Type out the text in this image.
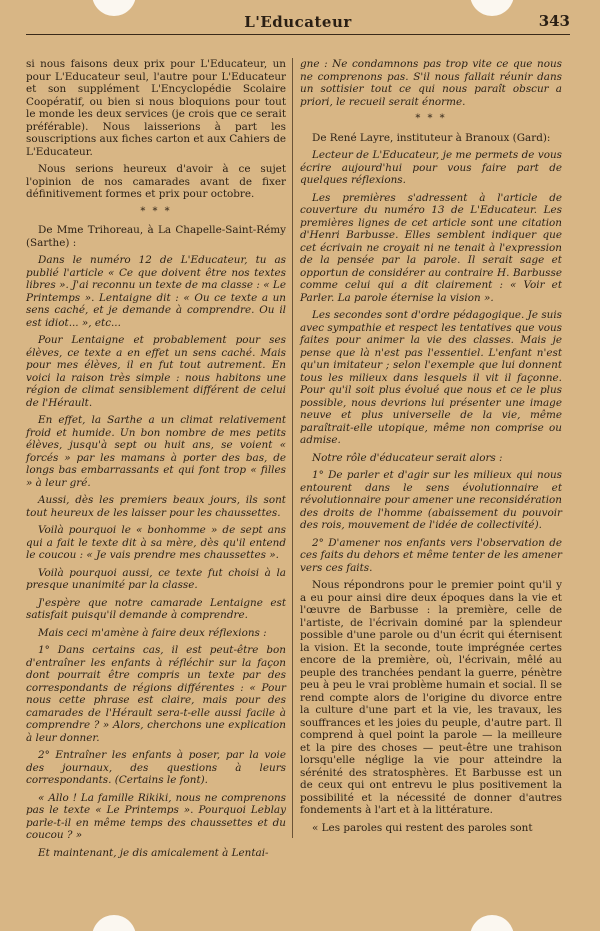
L'Educateur	343

si nous faisons deux prix pour L'Educateur, un pour L'Educateur seul, l'autre pour L'Educateur et son supplément L'Encyclopédie Scolaire Coopératif, ou bien si nous bloquions pour tout le monde les deux services (je crois que ce serait préférable). Nous laisserions à part les souscriptions aux fiches carton et aux Cahiers de L'Educateur.

Nous serions heureux d'avoir à ce sujet l'opinion de nos camarades avant de fixer définitivement formes et prix pour octobre.

* * *

De Mme Trihoreau, à La Chapelle-Saint-Rémy (Sarthe) :

Dans le numéro 12 de L'Educateur, tu as publié l'article « Ce que doivent être nos textes libres ». J'ai reconnu un texte de ma classe : « Le Printemps ». Lentaigne dit : « Ou ce texte a un sens caché, et je demande à comprendre. Ou il est idiot... », etc...

Pour Lentaigne et probablement pour ses élèves, ce texte a en effet un sens caché. Mais pour mes élèves, il en fut tout autrement. En voici la raison très simple : nous habitons une région de climat sensiblement différent de celui de l'Hérault.

En effet, la Sarthe a un climat relativement froid et humide. Un bon nombre de mes petits élèves, jusqu'à sept ou huit ans, se voient « forcés » par les mamans à porter des bas, de longs bas embarrassants et qui font trop « filles » à leur gré.

Aussi, dès les premiers beaux jours, ils sont tout heureux de les laisser pour les chaussettes.

Voilà pourquoi le « bonhomme » de sept ans qui a fait le texte dit à sa mère, dès qu'il entend le coucou : « Je vais prendre mes chaussettes ».

Voilà pourquoi aussi, ce texte fut choisi à la presque unanimité par la classe.

J'espère que notre camarade Lentaigne est satisfait puisqu'il demande à comprendre.

Mais ceci m'amène à faire deux réflexions :

1° Dans certains cas, il est peut-être bon d'entraîner les enfants à réfléchir sur la façon dont pourrait être compris un texte par des correspondants de régions différentes : « Pour nous cette phrase est claire, mais pour des camarades de l'Hérault sera-t-elle aussi facile à comprendre ? » Alors, cherchons une explication à leur donner.

2° Entraîner les enfants à poser, par la voie des journaux, des questions à leurs correspondants. (Certains le font).

« Allo ! La famille Rikiki, nous ne comprenons pas le texte « Le Printemps ». Pourquoi Leblay parle-t-il en même temps des chaussettes et du coucou ? »

Et maintenant, je dis amicalement à Lentai-

gne : Ne condamnons pas trop vite ce que nous ne comprenons pas. S'il nous fallait réunir dans un sottisier tout ce qui nous paraît obscur a priori, le recueil serait énorme.

* * *

De René Layre, instituteur à Branoux (Gard):

Lecteur de L'Educateur, je me permets de vous écrire aujourd'hui pour vous faire part de quelques réflexions.

Les premières s'adressent à l'article de couverture du numéro 13 de L'Educateur. Les premières lignes de cet article sont une citation d'Henri Barbusse. Elles semblent indiquer que cet écrivain ne croyait ni ne tenait à l'expression de la pensée par la parole. Il serait sage et opportun de considérer au contraire H. Barbusse comme celui qui a dit clairement : « Voir et Parler. La parole éternise la vision ».

Les secondes sont d'ordre pédagogique. Je suis avec sympathie et respect les tentatives que vous faites pour animer la vie des classes. Mais je pense que là n'est pas l'essentiel. L'enfant n'est qu'un imitateur ; selon l'exemple que lui donnent tous les milieux dans lesquels il vit il façonne. Pour qu'il soit plus évolué que nous et ce le plus possible, nous devrions lui présenter une image neuve et plus universelle de la vie, même paraîtrait-elle utopique, même non comprise ou admise.

Notre rôle d'éducateur serait alors :

1° De parler et d'agir sur les milieux qui nous entourent dans le sens évolutionnaire et révolutionnaire pour amener une reconsidération des droits de l'homme (abaissement du pouvoir des rois, mouvement de l'idée de collectivité).

2° D'amener nos enfants vers l'observation de ces faits du dehors et même tenter de les amener vers ces faits.

Nous répondrons pour le premier point qu'il y a eu pour ainsi dire deux époques dans la vie et l'œuvre de Barbusse : la première, celle de l'artiste, de l'écrivain dominé par la splendeur possible d'une parole ou d'un écrit qui éternisent la vision. Et la seconde, toute imprégnée certes encore de la première, où, l'écrivain, mêlé au peuple des tranchées pendant la guerre, pénètre peu à peu le vrai problème humain et social. Il se rend compte alors de l'origine du divorce entre la culture d'une part et la vie, les travaux, les souffrances et les joies du peuple, d'autre part. Il comprend à quel point la parole — la meilleure et la pire des choses — peut-être une trahison lorsqu'elle néglige la vie pour atteindre la sérénité des stratosphères. Et Barbusse est un de ceux qui ont entrevu le plus positivement la possibilité et la nécessité de donner d'autres fondements à l'art et à la littérature.

« Les paroles qui restent des paroles sont
